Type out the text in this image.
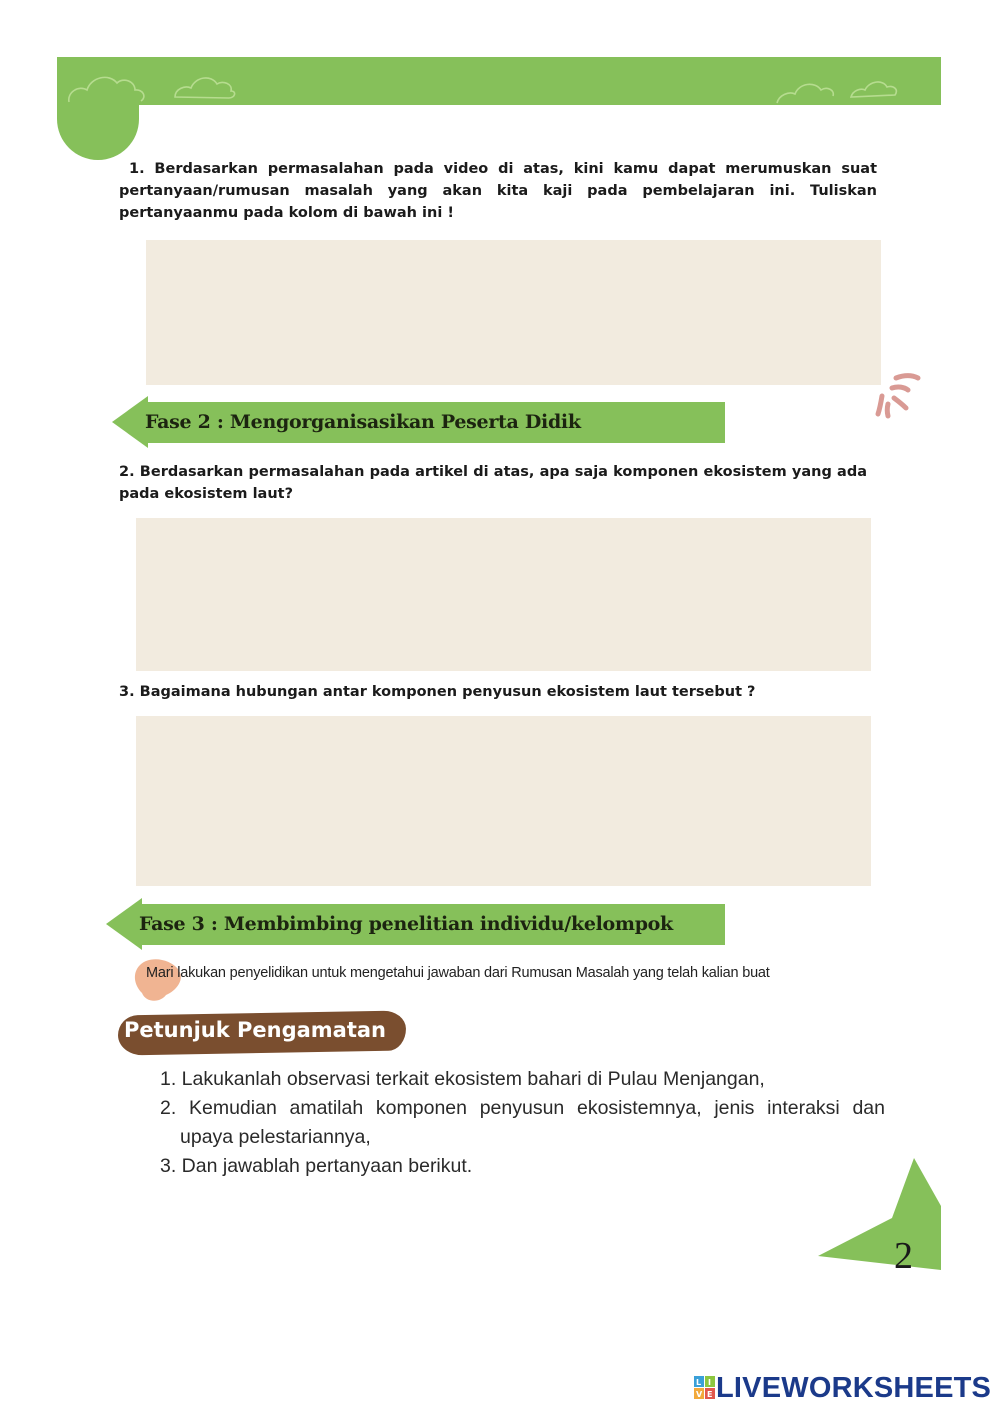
1. Berdasarkan permasalahan pada video di atas, kini kamu dapat merumuskan suat pertanyaan/rumusan masalah yang akan kita kaji pada pembelajaran ini. Tuliskan pertanyaanmu pada kolom di bawah ini !
Fase 2 : Mengorganisasikan Peserta Didik
2. Berdasarkan permasalahan pada artikel di atas, apa saja komponen ekosistem yang ada pada ekosistem laut?
3. Bagaimana hubungan antar komponen penyusun ekosistem laut tersebut ?
Fase 3 : Membimbing penelitian individu/kelompok
Mari lakukan penyelidikan untuk mengetahui jawaban dari Rumusan Masalah yang telah kalian buat
Petunjuk Pengamatan
1. Lakukanlah observasi terkait ekosistem bahari di Pulau Menjangan,
2. Kemudian amatilah komponen penyusun ekosistemnya, jenis interaksi dan upaya pelestariannya,
3. Dan jawablah pertanyaan berikut.
2
L I
V E LIVEWORKSHEETS
